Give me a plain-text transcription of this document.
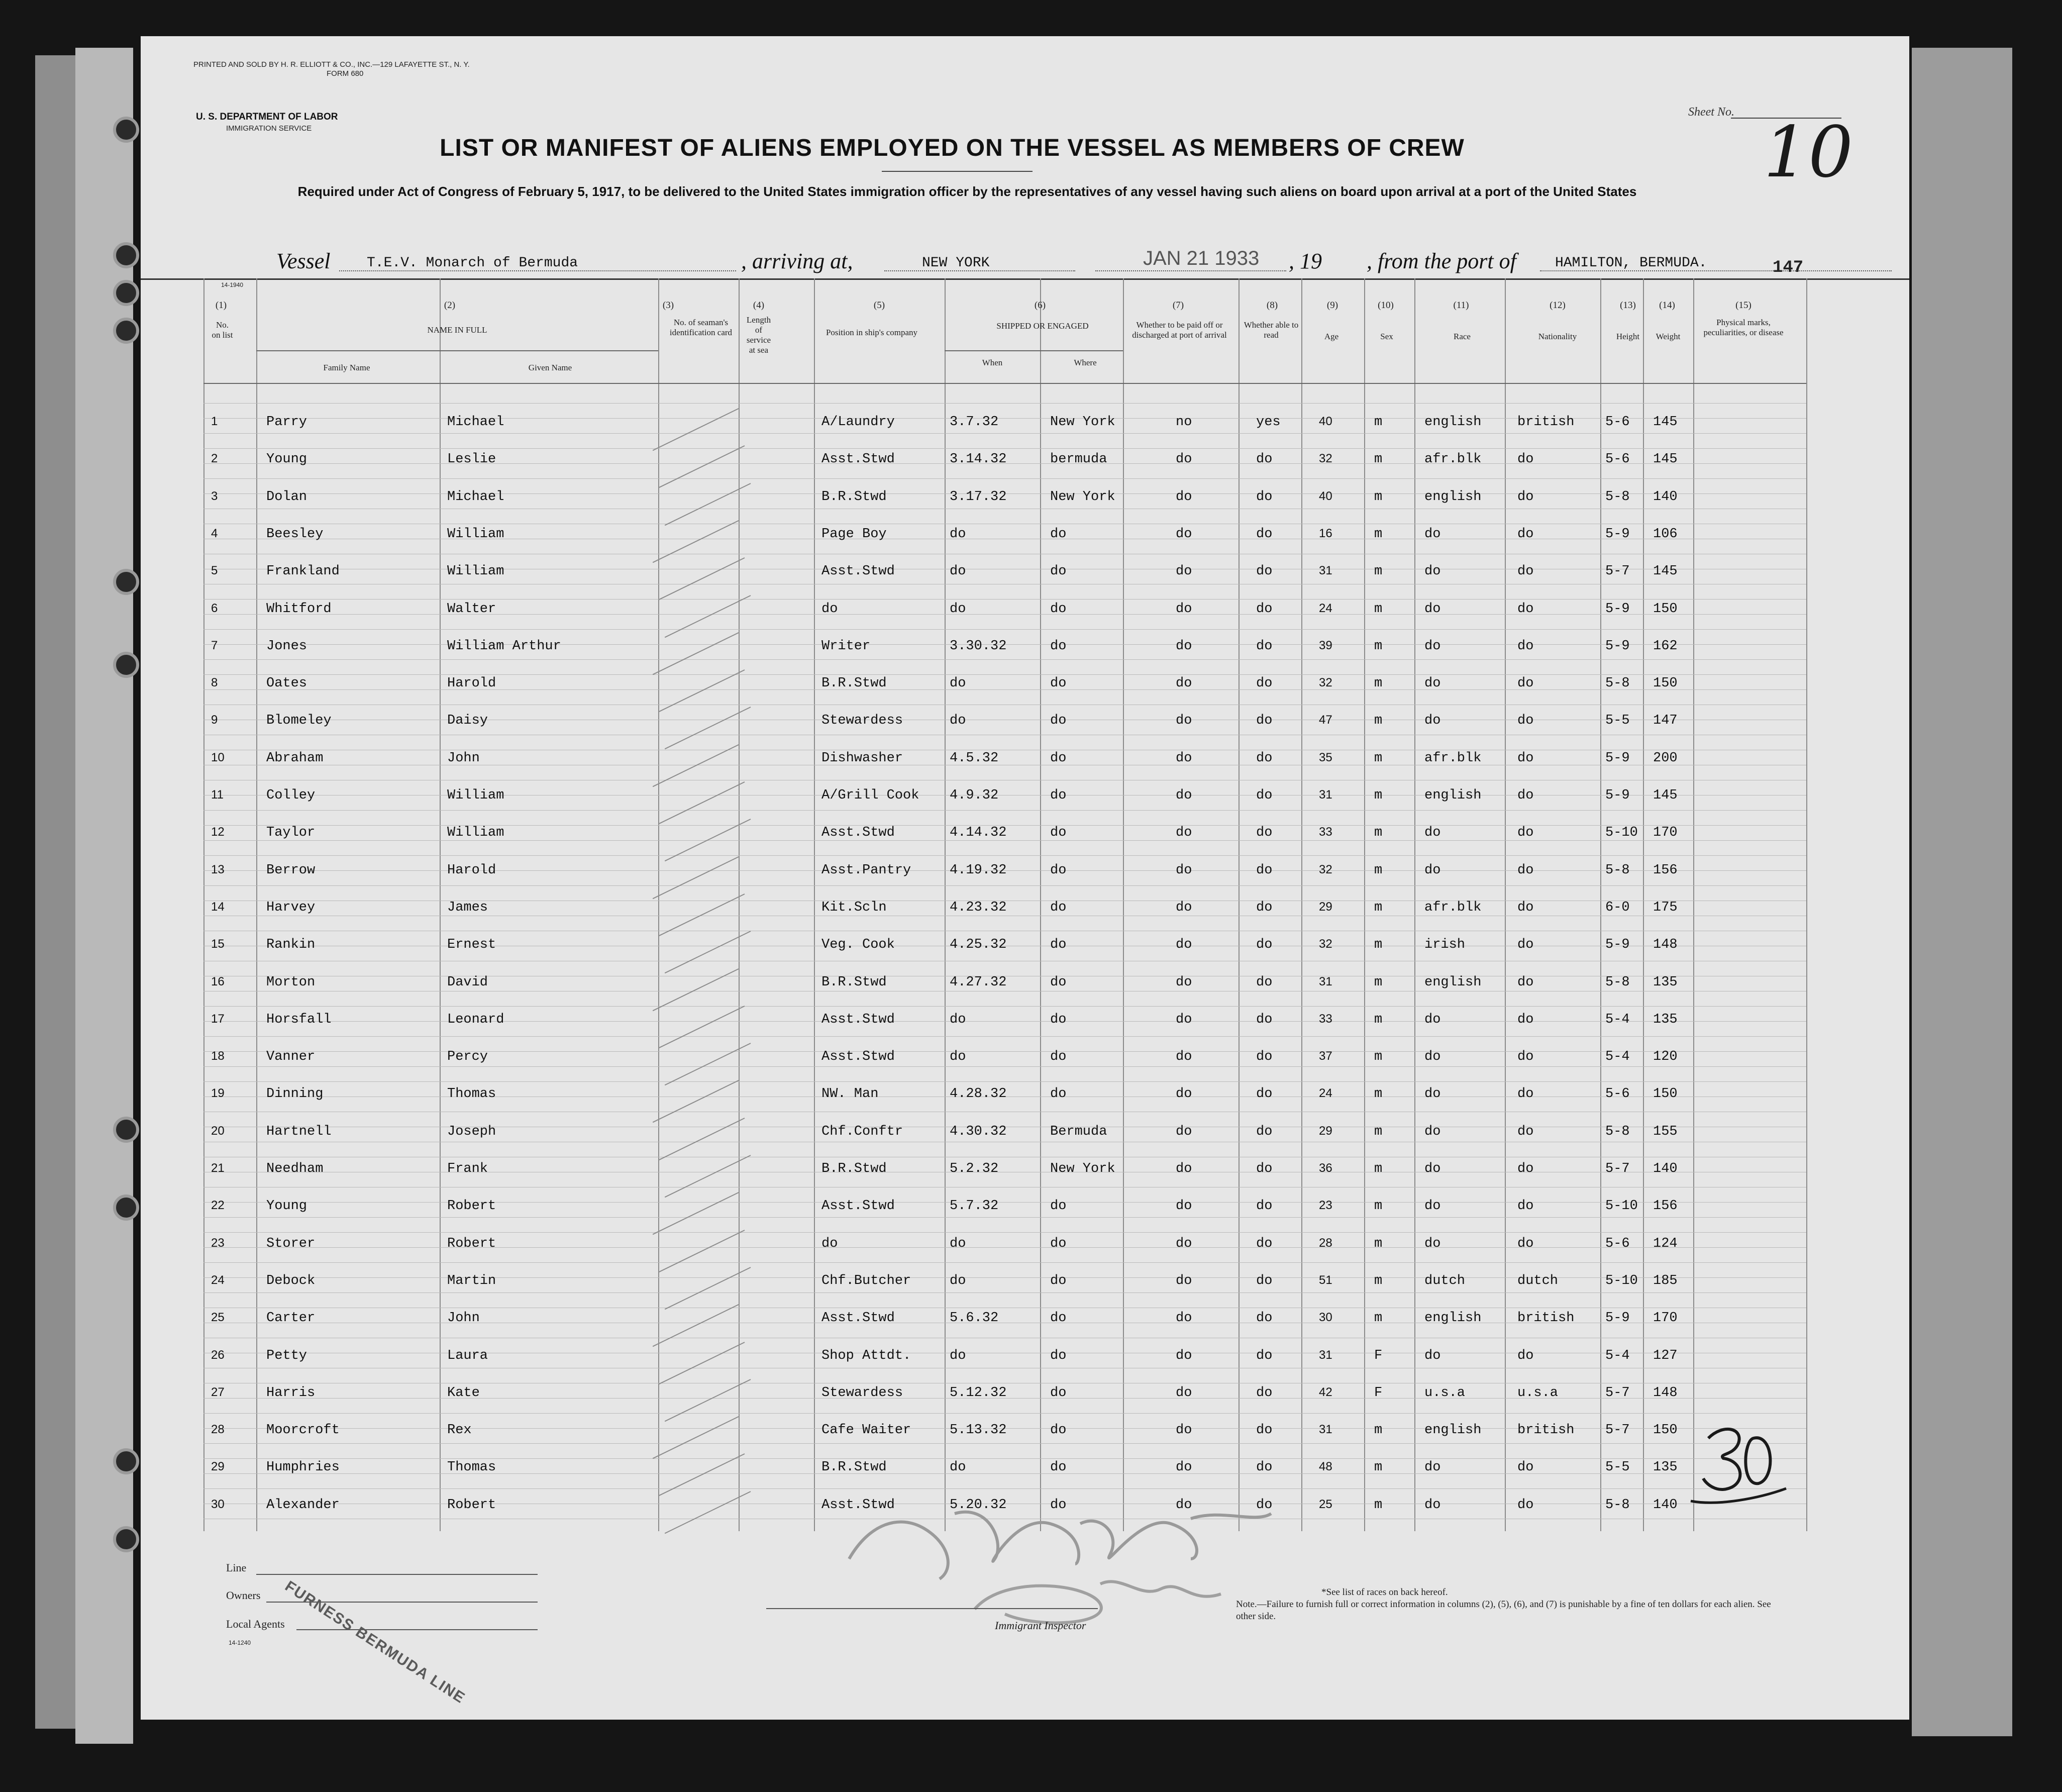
PRINTED AND SOLD BY H. R. ELLIOTT & CO., INC.—129 LAFAYETTE ST., N. Y.
FORM 680
U. S. DEPARTMENT OF LABOR
IMMIGRATION SERVICE
Sheet No. 10
LIST OR MANIFEST OF ALIENS EMPLOYED ON THE VESSEL AS MEMBERS OF CREW
Required under Act of Congress of February 5, 1917, to be delivered to the United States immigration officer by the representatives of any vessel having such aliens on board upon arrival at a port of the United States
Vessel	T.E.V. Monarch of Bermuda	, arriving at,	NEW YORK	JAN 21 1933 , 19 , from the port of	HAMILTON, BERMUDA.	147
14-1940
(1)	(2)	(3)	(4)	(5)	(6)	(7)	(8)	(9)	(10)	(11)	(12)	(13)	(14)	(15)
No. on list
NAME IN FULL
Family Name	Given Name
No. of seaman's identification card
Length of service at sea
Position in ship's company
SHIPPED OR ENGAGED
When	Where
Whether to be paid off or discharged at port of arrival
Whether able to read	Age	Sex	Race	Nationality	Height	Weight
Physical marks, peculiarities, or disease
1	Parry	Michael	A/Laundry	3.7.32	New York	no	yes	40	m	english	british 5-6 145
2	Young	Leslie	Asst.Stwd	3.14.32	bermuda	do	do	32	m	afr.blk	do	5-6 145
3	Dolan	Michael	B.R.Stwd	3.17.32	New York	do	do	40	m	english	do	5-8 140
4	Beesley	William	Page Boy	do	do	do	do	16	m	do	do	5-9 106
5	Frankland	William	Asst.Stwd	do	do	do	do	31	m	do	do	5-7 145
6	Whitford	Walter	do	do	do	do	do	24	m	do	do	5-9 150
7	Jones	William Arthur	Writer	3.30.32	do	do	do	39	m	do	do	5-9 162
8	Oates	Harold	B.R.Stwd	do	do	do	do	32	m	do	do	5-8 150
9	Blomeley	Daisy	Stewardess	do	do	do	do	47	m	do	do	5-5 147
10	Abraham	John	Dishwasher	4.5.32	do	do	do	35	m	afr.blk	do	5-9 200
11	Colley	William	A/Grill Cook 4.9.32	do	do	do	31	m	english	do	5-9 145
12	Taylor	William	Asst.Stwd	4.14.32	do	do	do	33	m	do	do	5-10 170
13	Berrow	Harold	Asst.Pantry	4.19.32	do	do	do	32	m	do	do	5-8 156
14	Harvey	James	Kit.Scln	4.23.32	do	do	do	29	m	afr.blk	do	6-0 175
15	Rankin	Ernest	Veg. Cook	4.25.32	do	do	do	32	m	irish	do	5-9 148
16	Morton	David	B.R.Stwd	4.27.32	do	do	do	31	m	english	do	5-8 135
17	Horsfall	Leonard	Asst.Stwd	do	do	do	do	33	m	do	do	5-4 135
18	Vanner	Percy	Asst.Stwd	do	do	do	do	37	m	do	do	5-4 120
19	Dinning	Thomas	NW. Man	4.28.32	do	do	do	24	m	do	do	5-6 150
20	Hartnell	Joseph	Chf.Conftr	4.30.32	Bermuda	do	do	29	m	do	do	5-8 155
21	Needham	Frank	B.R.Stwd	5.2.32	New York	do	do	36	m	do	do	5-7 140
22	Young	Robert	Asst.Stwd	5.7.32	do	do	do	23	m	do	do	5-10 156
23	Storer	Robert	do	do	do	do	do	28	m	do	do	5-6 124
24	Debock	Martin	Chf.Butcher	do	do	do	do	51	m	dutch	dutch	5-10 185
25	Carter	John	Asst.Stwd	5.6.32	do	do	do	30	m	english	british 5-9 170
26	Petty	Laura	Shop Attdt.	do	do	do	do	31	F	do	do	5-4 127
27	Harris	Kate	Stewardess	5.12.32	do	do	do	42	F	u.s.a	u.s.a	5-7 148
28	Moorcroft	Rex	Cafe Waiter	5.13.32	do	do	do	31	m	english	british 5-7 150
29	Humphries	Thomas	B.R.Stwd	do	do	do	do	48	m	do	do	5-5 135
30	Alexander	Robert	Asst.Stwd	5.20.32	do	do	do	25	m	do	do	5-8 140
Line
Owners
Local Agents
14-1240 FURNESS BERMUDA LINE	Immigrant Inspector
*See list of races on back hereof.
Note.—Failure to furnish full or correct information in columns (2), (5), (6), and (7) is punishable by a fine of ten dollars for each alien. See other side.
